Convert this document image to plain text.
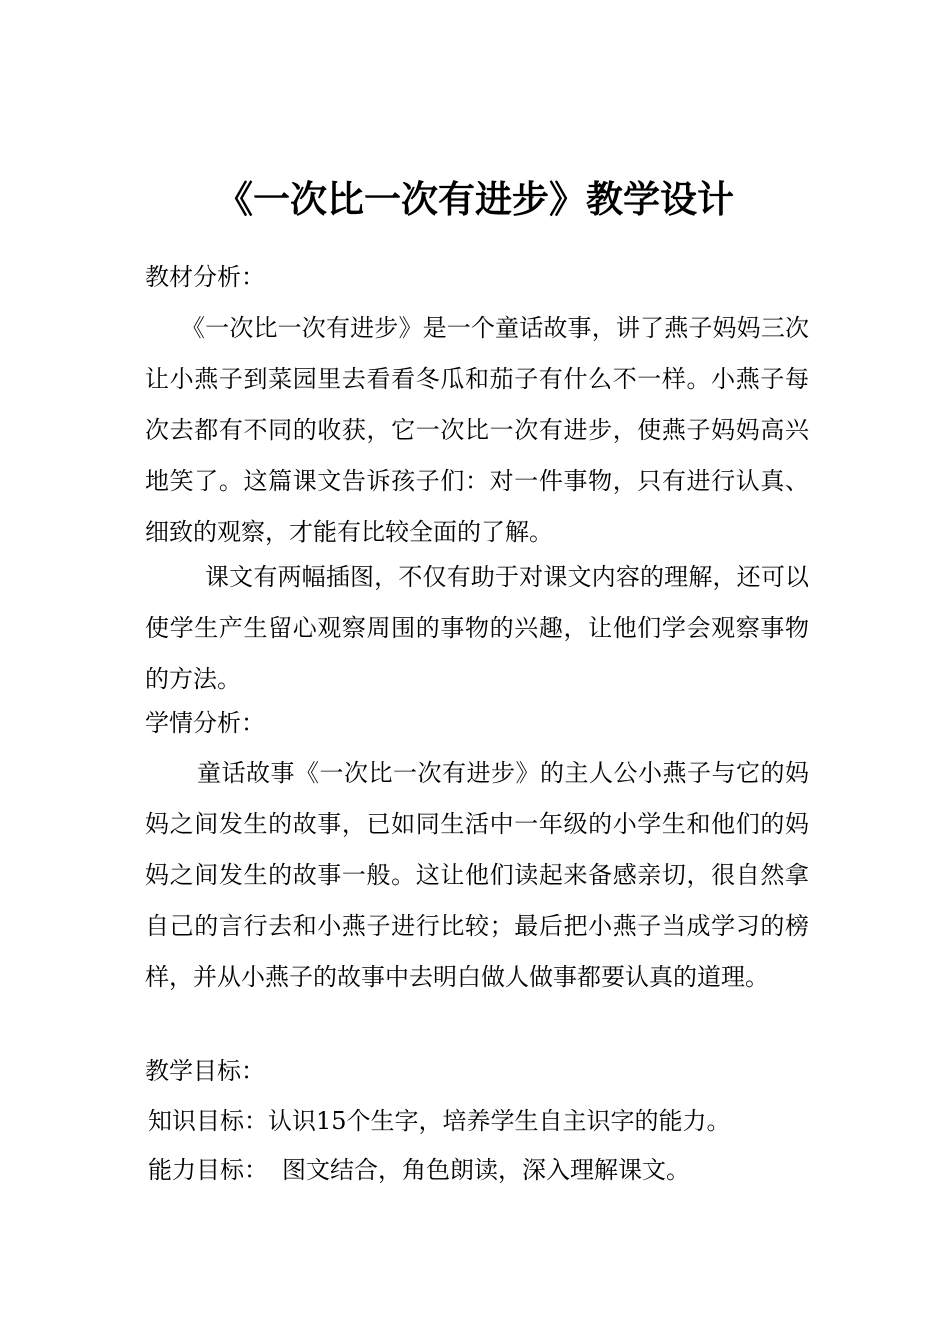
《一次比一次有进步》教学设计

教材分析：

《一次比一次有进步》是一个童话故事，讲了燕子妈妈三次让小燕子到菜园里去看看冬瓜和茄子有什么不一样。小燕子每次去都有不同的收获，它一次比一次有进步，使燕子妈妈高兴地笑了。这篇课文告诉孩子们：对一件事物，只有进行认真、细致的观察，才能有比较全面的了解。

课文有两幅插图，不仅有助于对课文内容的理解，还可以使学生产生留心观察周围的事物的兴趣，让他们学会观察事物的方法。

学情分析：

童话故事《一次比一次有进步》的主人公小燕子与它的妈妈之间发生的故事，已如同生活中一年级的小学生和他们的妈妈之间发生的故事一般。这让他们读起来备感亲切，很自然拿自己的言行去和小燕子进行比较；最后把小燕子当成学习的榜样，并从小燕子的故事中去明白做人做事都要认真的道理。

教学目标：

知识目标：认识15个生字，培养学生自主识字的能力。

能力目标： 图文结合，角色朗读，深入理解课文。
